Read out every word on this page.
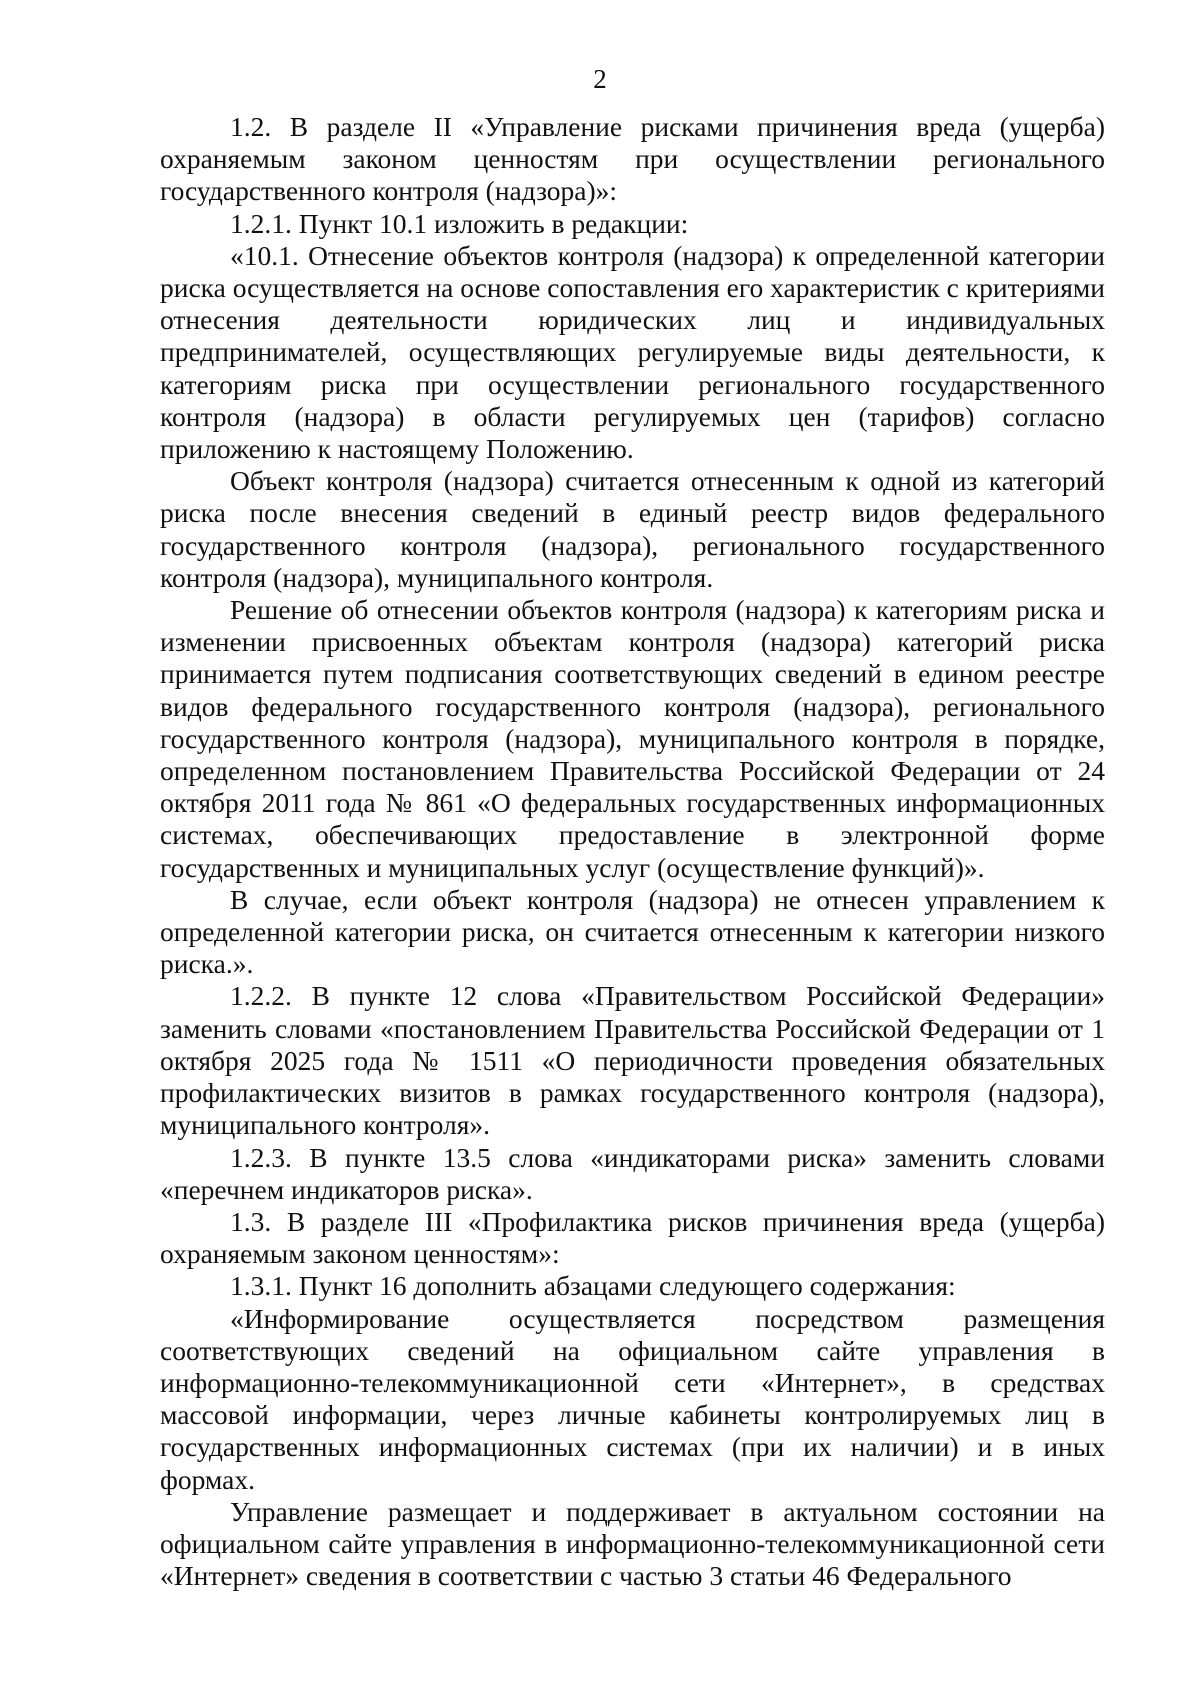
2

1.2. В разделе II «Управление рисками причинения вреда (ущерба) охраняемым законом ценностям при осуществлении регионального государственного контроля (надзора)»:

1.2.1. Пункт 10.1 изложить в редакции:

«10.1. Отнесение объектов контроля (надзора) к определенной категории риска осуществляется на основе сопоставления его характеристик с критериями отнесения деятельности юридических лиц и индивидуальных предпринимателей, осуществляющих регулируемые виды деятельности, к категориям риска при осуществлении регионального государственного контроля (надзора) в области регулируемых цен (тарифов) согласно приложению к настоящему Положению.

Объект контроля (надзора) считается отнесенным к одной из категорий риска после внесения сведений в единый реестр видов федерального государственного контроля (надзора), регионального государственного контроля (надзора), муниципального контроля.

Решение об отнесении объектов контроля (надзора) к категориям риска и изменении присвоенных объектам контроля (надзора) категорий риска принимается путем подписания соответствующих сведений в едином реестре видов федерального государственного контроля (надзора), регионального государственного контроля (надзора), муниципального контроля в порядке, определенном постановлением Правительства Российской Федерации от 24 октября 2011 года № 861 «О федеральных государственных информационных системах, обеспечивающих предоставление в электронной форме государственных и муниципальных услуг (осуществление функций)».

В случае, если объект контроля (надзора) не отнесен управлением к определенной категории риска, он считается отнесенным к категории низкого риска.».

1.2.2. В пункте 12 слова «Правительством Российской Федерации» заменить словами «постановлением Правительства Российской Федерации от 1 октября 2025 года № 1511 «О периодичности проведения обязательных профилактических визитов в рамках государственного контроля (надзора), муниципального контроля».

1.2.3. В пункте 13.5 слова «индикаторами риска» заменить словами «перечнем индикаторов риска».

1.3. В разделе III «Профилактика рисков причинения вреда (ущерба) охраняемым законом ценностям»:

1.3.1. Пункт 16 дополнить абзацами следующего содержания:

«Информирование осуществляется посредством размещения соответствующих сведений на официальном сайте управления в информационно-телекоммуникационной сети «Интернет», в средствах массовой информации, через личные кабинеты контролируемых лиц в государственных информационных системах (при их наличии) и в иных формах.

Управление размещает и поддерживает в актуальном состоянии на официальном сайте управления в информационно-телекоммуникационной сети «Интернет» сведения в соответствии с частью 3 статьи 46 Федерального
